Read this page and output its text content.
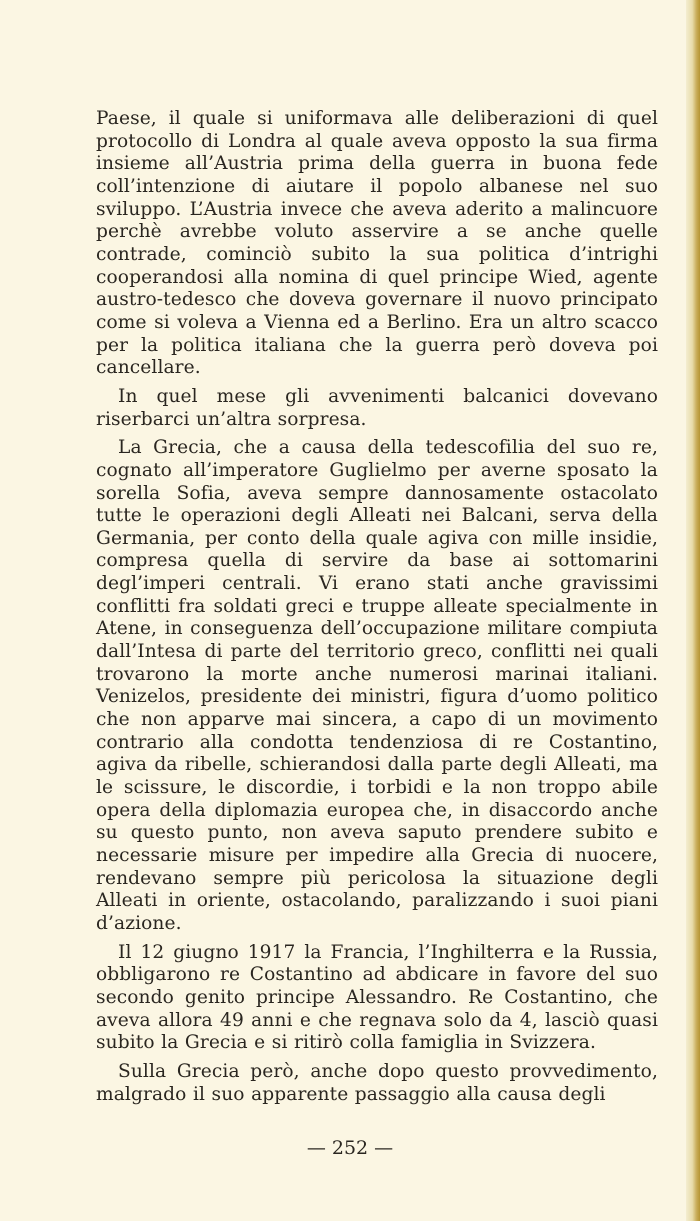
Paese, il quale si uniformava alle deliberazioni di quel protocollo di Londra al quale aveva opposto la sua firma insieme all’Austria prima della guerra in buona fede coll’intenzione di aiutare il popolo albanese nel suo sviluppo. L’Austria invece che aveva aderito a malincuore perchè avrebbe voluto asservire a se anche quelle contrade, cominciò subito la sua politica d’intrighi cooperandosi alla nomina di quel principe Wied, agente austro-tedesco che doveva governare il nuovo principato come si voleva a Vienna ed a Berlino. Era un altro scacco per la politica italiana che la guerra però doveva poi cancellare.

In quel mese gli avvenimenti balcanici dovevano riserbarci un’altra sorpresa.

La Grecia, che a causa della tedescofilia del suo re, cognato all’imperatore Guglielmo per averne sposato la sorella Sofia, aveva sempre dannosamente ostacolato tutte le operazioni degli Alleati nei Balcani, serva della Germania, per conto della quale agiva con mille insidie, compresa quella di servire da base ai sottomarini degl’imperi centrali. Vi erano stati anche gravissimi conflitti fra soldati greci e truppe alleate specialmente in Atene, in conseguenza dell’occupazione militare compiuta dall’Intesa di parte del territorio greco, conflitti nei quali trovarono la morte anche numerosi marinai italiani. Venizelos, presidente dei ministri, figura d’uomo politico che non apparve mai sincera, a capo di un movimento contrario alla condotta tendenziosa di re Costantino, agiva da ribelle, schierandosi dalla parte degli Alleati, ma le scissure, le discordie, i torbidi e la non troppo abile opera della diplomazia europea che, in disaccordo anche su questo punto, non aveva saputo prendere subito e necessarie misure per impedire alla Grecia di nuocere, rendevano sempre più pericolosa la situazione degli Alleati in oriente, ostacolando, paralizzando i suoi piani d’azione.

Il 12 giugno 1917 la Francia, l’Inghilterra e la Russia, obbligarono re Costantino ad abdicare in favore del suo secondo genito principe Alessandro. Re Costantino, che aveva allora 49 anni e che regnava solo da 4, lasciò quasi subito la Grecia e si ritirò colla famiglia in Svizzera.

Sulla Grecia però, anche dopo questo provvedimento, malgrado il suo apparente passaggio alla causa degli

— 252 —
